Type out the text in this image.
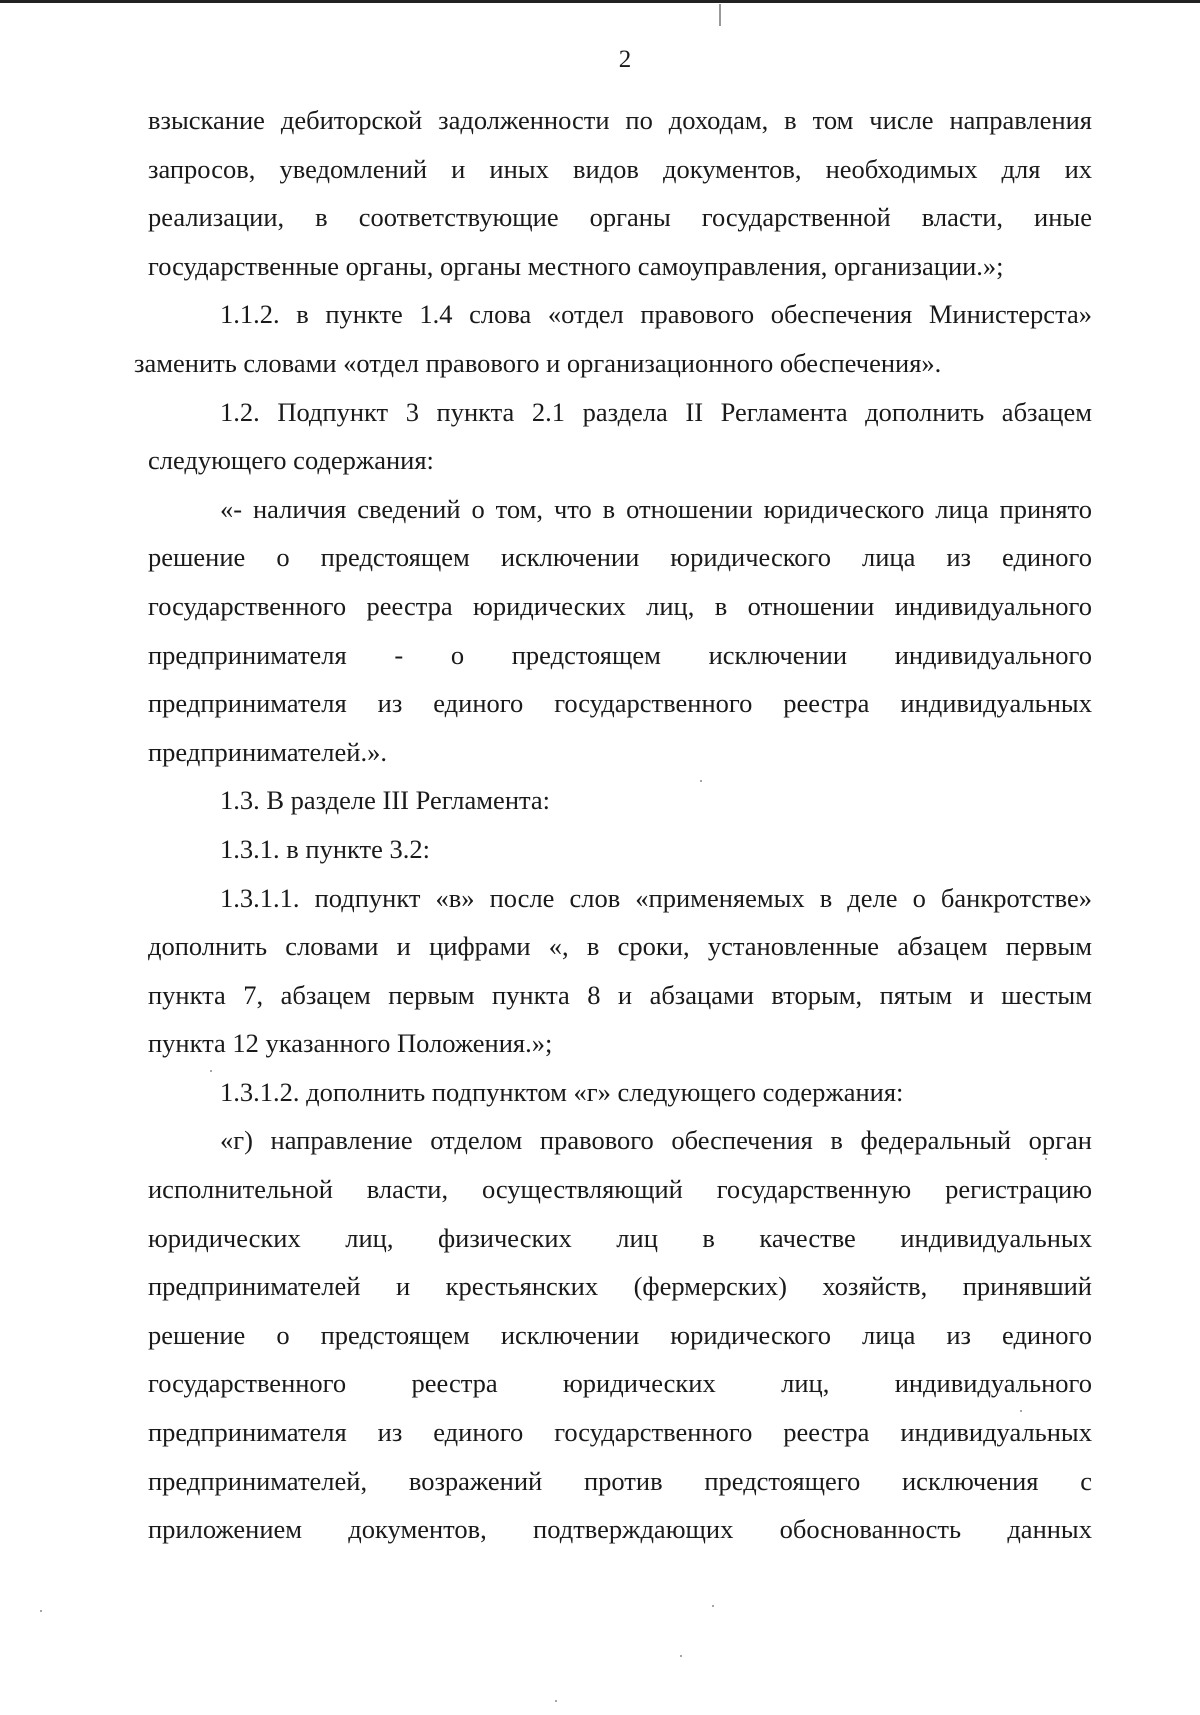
2

взыскание дебиторской задолженности по доходам, в том числе направления

запросов, уведомлений и иных видов документов, необходимых для их

реализации, в соответствующие органы государственной власти, иные

государственные органы, органы местного самоуправления, организации.»;

1.1.2. в пункте 1.4 слова «отдел правового обеспечения Министерста»

заменить словами «отдел правового и организационного обеспечения».

1.2. Подпункт 3 пункта 2.1 раздела II Регламента дополнить абзацем

следующего содержания:

«- наличия сведений о том, что в отношении юридического лица принято

решение о предстоящем исключении юридического лица из единого

государственного реестра юридических лиц, в отношении индивидуального

предпринимателя - о предстоящем исключении индивидуального

предпринимателя из единого государственного реестра индивидуальных

предпринимателей.».

1.3. В разделе III Регламента:

1.3.1. в пункте 3.2:

1.3.1.1. подпункт «в» после слов «применяемых в деле о банкротстве»

дополнить словами и цифрами «, в сроки, установленные абзацем первым

пункта 7, абзацем первым пункта 8 и абзацами вторым, пятым и шестым

пункта 12 указанного Положения.»;

1.3.1.2. дополнить подпунктом «г» следующего содержания:

«г) направление отделом правового обеспечения в федеральный орган

исполнительной власти, осуществляющий государственную регистрацию

юридических лиц, физических лиц в качестве индивидуальных

предпринимателей и крестьянских (фермерских) хозяйств, принявший

решение о предстоящем исключении юридического лица из единого

государственного реестра юридических лиц, индивидуального

предпринимателя из единого государственного реестра индивидуальных

предпринимателей, возражений против предстоящего исключения с

приложением документов, подтверждающих обоснованность данных
